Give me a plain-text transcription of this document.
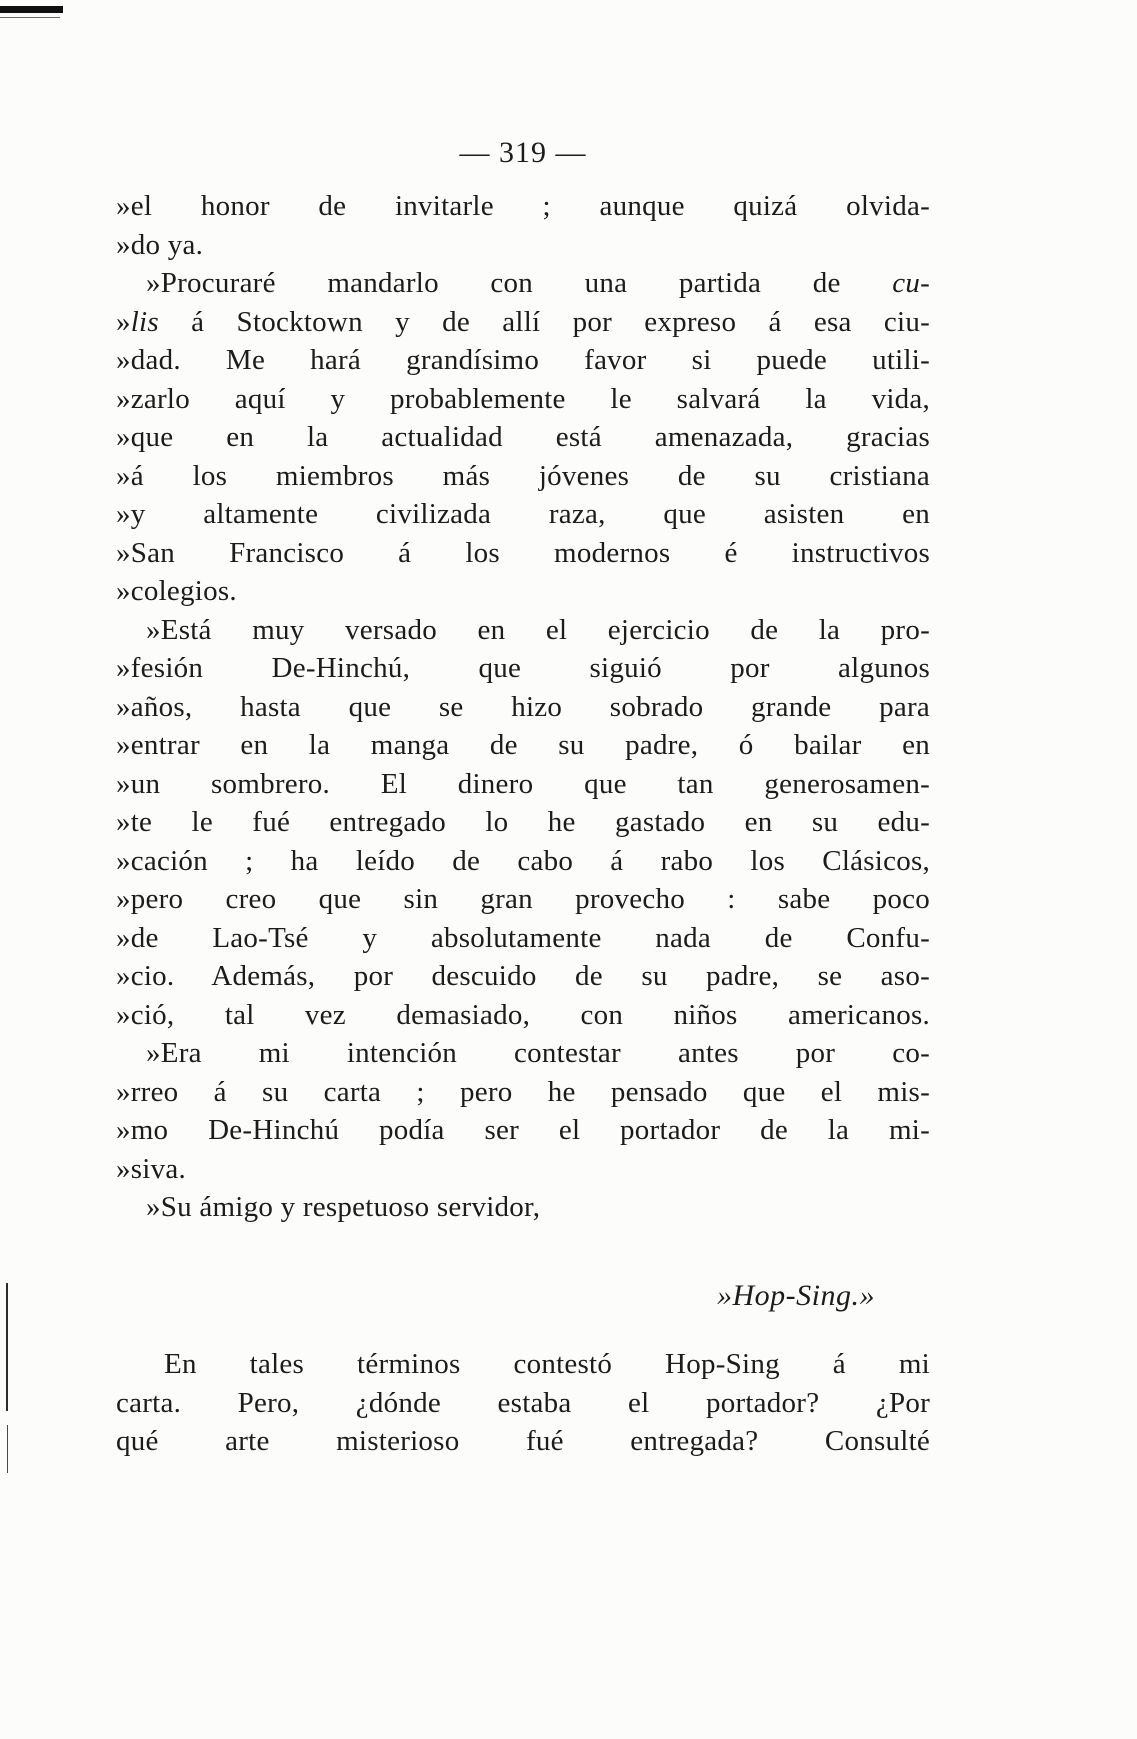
— 319 —
»el honor de invitarle ; aunque quizá olvida-
»do ya.
»Procuraré mandarlo con una partida de cu-
»lis á Stocktown y de allí por expreso á esa ciu-
»dad. Me hará grandísimo favor si puede utili-
»zarlo aquí y probablemente le salvará la vida,
»que en la actualidad está amenazada, gracias
»á los miembros más jóvenes de su cristiana
»y altamente civilizada raza, que asisten en
»San Francisco á los modernos é instructivos
»colegios.
»Está muy versado en el ejercicio de la pro-
»fesión De-Hinchú, que siguió por algunos
»años, hasta que se hizo sobrado grande para
»entrar en la manga de su padre, ó bailar en
»un sombrero. El dinero que tan generosamen-
»te le fué entregado lo he gastado en su edu-
»cación ; ha leído de cabo á rabo los Clásicos,
»pero creo que sin gran provecho : sabe poco
»de Lao-Tsé y absolutamente nada de Confu-
»cio. Además, por descuido de su padre, se aso-
»ció, tal vez demasiado, con niños americanos.
»Era mi intención contestar antes por co-
»rreo á su carta ; pero he pensado que el mis-
»mo De-Hinchú podía ser el portador de la mi-
»siva.
»Su ámigo y respetuoso servidor,
»Hop-Sing.»
En tales términos contestó Hop-Sing á mi
carta. Pero, ¿dónde estaba el portador? ¿Por
qué arte misterioso fué entregada? Consulté
